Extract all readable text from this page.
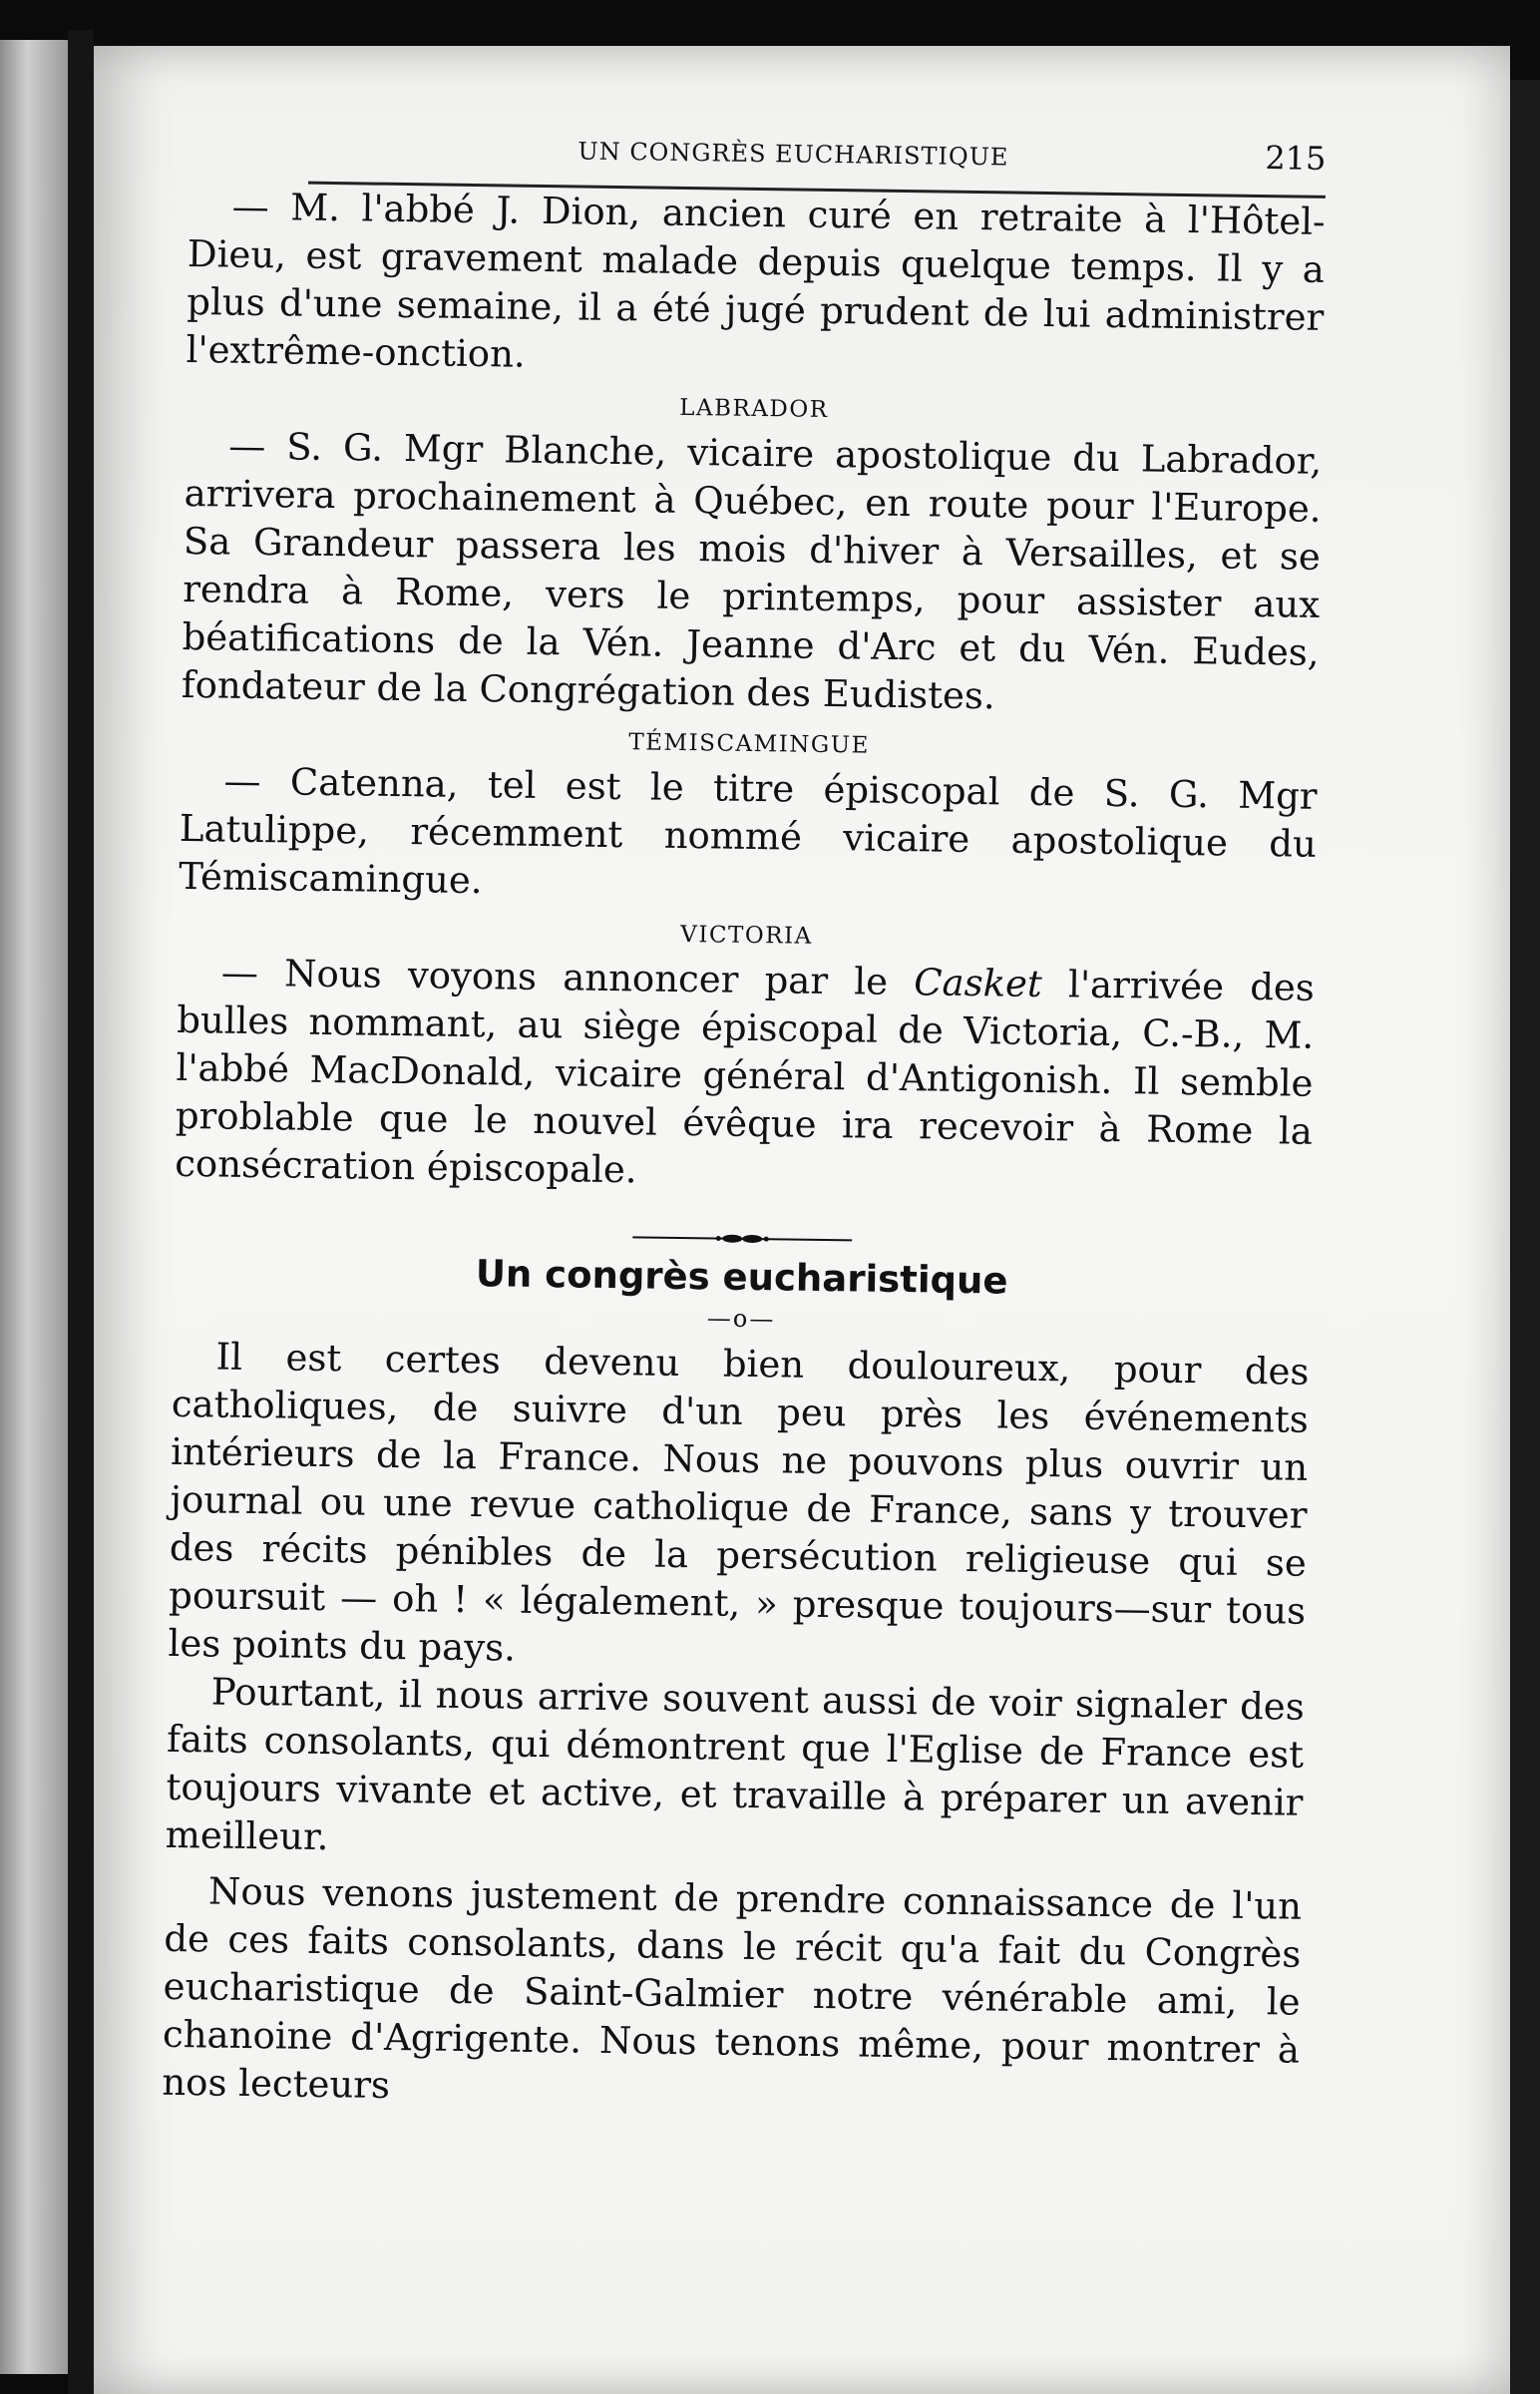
UN CONGRÈS EUCHARISTIQUE	215

— M. l'abbé J. Dion, ancien curé en retraite à l'Hôtel-Dieu, est gravement malade depuis quelque temps. Il y a plus d'une semaine, il a été jugé prudent de lui administrer l'extrême-onction.

LABRADOR

— S. G. Mgr Blanche, vicaire apostolique du Labrador, arrivera prochainement à Québec, en route pour l'Europe. Sa Grandeur passera les mois d'hiver à Versailles, et se rendra à Rome, vers le printemps, pour assister aux béatifications de la Vén. Jeanne d'Arc et du Vén. Eudes, fondateur de la Congrégation des Eudistes.

TÉMISCAMINGUE

— Catenna, tel est le titre épiscopal de S. G. Mgr Latulippe, récemment nommé vicaire apostolique du Témiscamingue.

VICTORIA

— Nous voyons annoncer par le Casket l'arrivée des bulles nommant, au siège épiscopal de Victoria, C.-B., M. l'abbé MacDonald, vicaire général d'Antigonish. Il semble problable que le nouvel évêque ira recevoir à Rome la consécration épiscopale.

Un congrès eucharistique
—o—

Il est certes devenu bien douloureux, pour des catholiques, de suivre d'un peu près les événements intérieurs de la France. Nous ne pouvons plus ouvrir un journal ou une revue catholique de France, sans y trouver des récits pénibles de la persécution religieuse qui se poursuit — oh ! « légalement, » presque toujours—sur tous les points du pays.

Pourtant, il nous arrive souvent aussi de voir signaler des faits consolants, qui démontrent que l'Eglise de France est toujours vivante et active, et travaille à préparer un avenir meilleur.

Nous venons justement de prendre connaissance de l'un de ces faits consolants, dans le récit qu'a fait du Congrès eucharistique de Saint-Galmier notre vénérable ami, le chanoine d'Agrigente. Nous tenons même, pour montrer à nos lecteurs
